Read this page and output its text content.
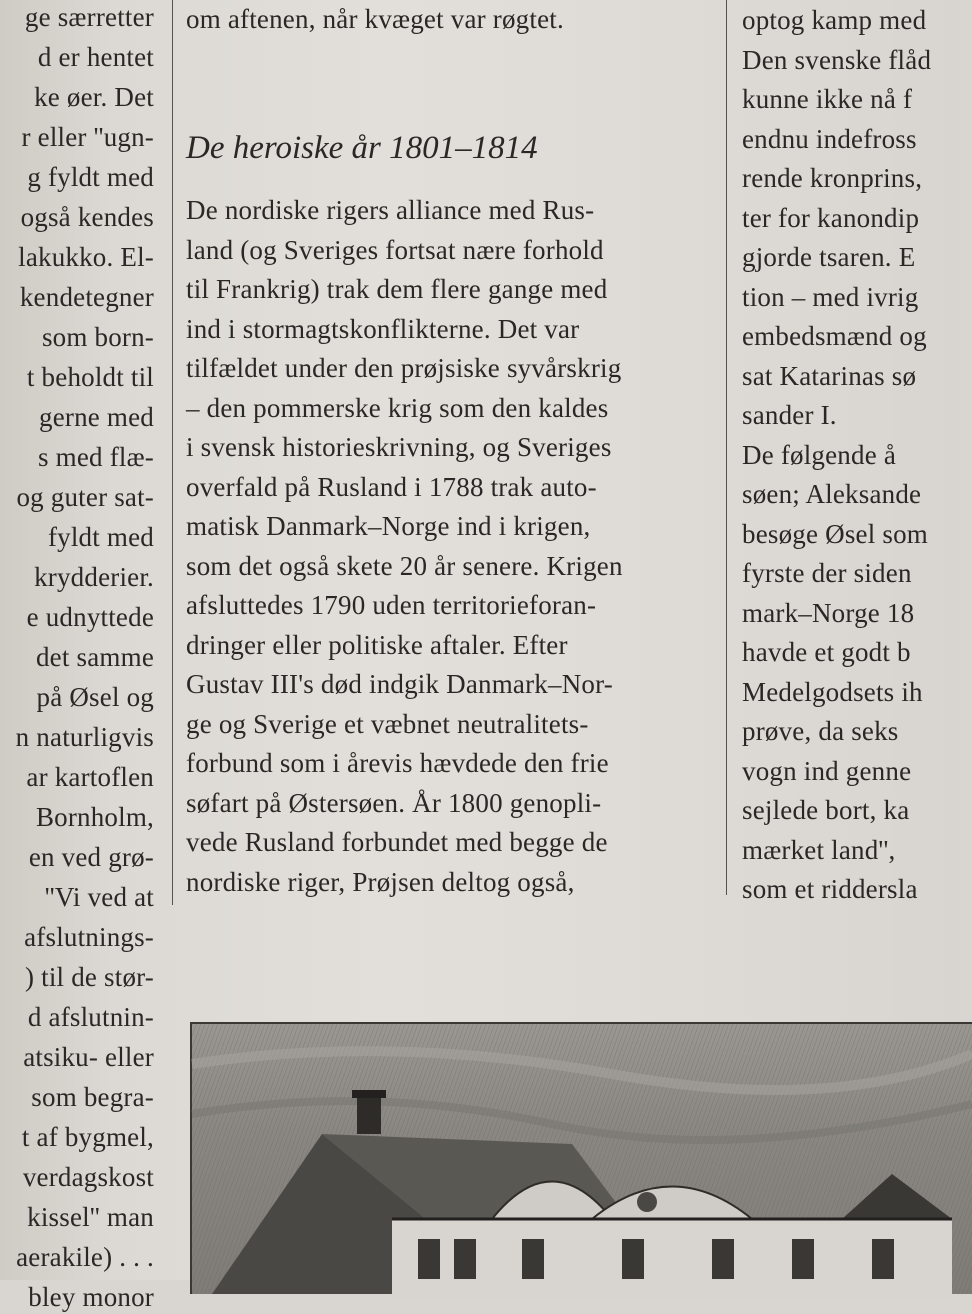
ge særretter
d er hentet
ke øer. Det
r eller ''ugn-
g fyldt med
også kendes
lakukko. El-
kendetegner
som born-
t beholdt til
gerne med
s med flæ-
og guter sat-
fyldt med
krydderier.
e udnyttede
det samme
på Øsel og
n naturligvis
ar kartoflen
Bornholm,
en ved grø-
''Vi ved at
afslutnings-
) til de stør-
d afslutnin-
atsiku- eller
som begra-
t af bygmel,
verdagskost
kissel'' man
aerakile) . . .
bley monor
om aftenen, når kvæget var røgtet.
De nordiske rigers alliance med Rus-
land (og Sveriges fortsat nære forhold
til Frankrig) trak dem flere gange med
ind i stormagtskonflikterne. Det var
tilfældet under den prøjsiske syvårskrig
– den pommerske krig som den kaldes
i svensk historieskrivning, og Sveriges
overfald på Rusland i 1788 trak auto-
matisk Danmark–Norge ind i krigen,
som det også skete 20 år senere. Krigen
afsluttedes 1790 uden territorieforan-
dringer eller politiske aftaler. Efter
Gustav III's død indgik Danmark–Nor-
ge og Sverige et væbnet neutralitets-
forbund som i årevis hævdede den frie
søfart på Østersøen. År 1800 genopli-
vede Rusland forbundet med begge de
nordiske riger, Prøjsen deltog også,
De heroiske år 1801–1814
optog kamp med
Den svenske flåd
kunne ikke nå f
endnu indefross
rende kronprins,
ter for kanondip
gjorde tsaren. E
tion – med ivrig
embedsmænd og
sat Katarinas sø
sander I.
De følgende å
søen; Aleksande
besøge Øsel som
fyrste der siden
mark–Norge 18
havde et godt b
Medelgodsets ih
prøve, da seks
vogn ind genne
sejlede bort, ka
mærket land'',
som et riddersla
